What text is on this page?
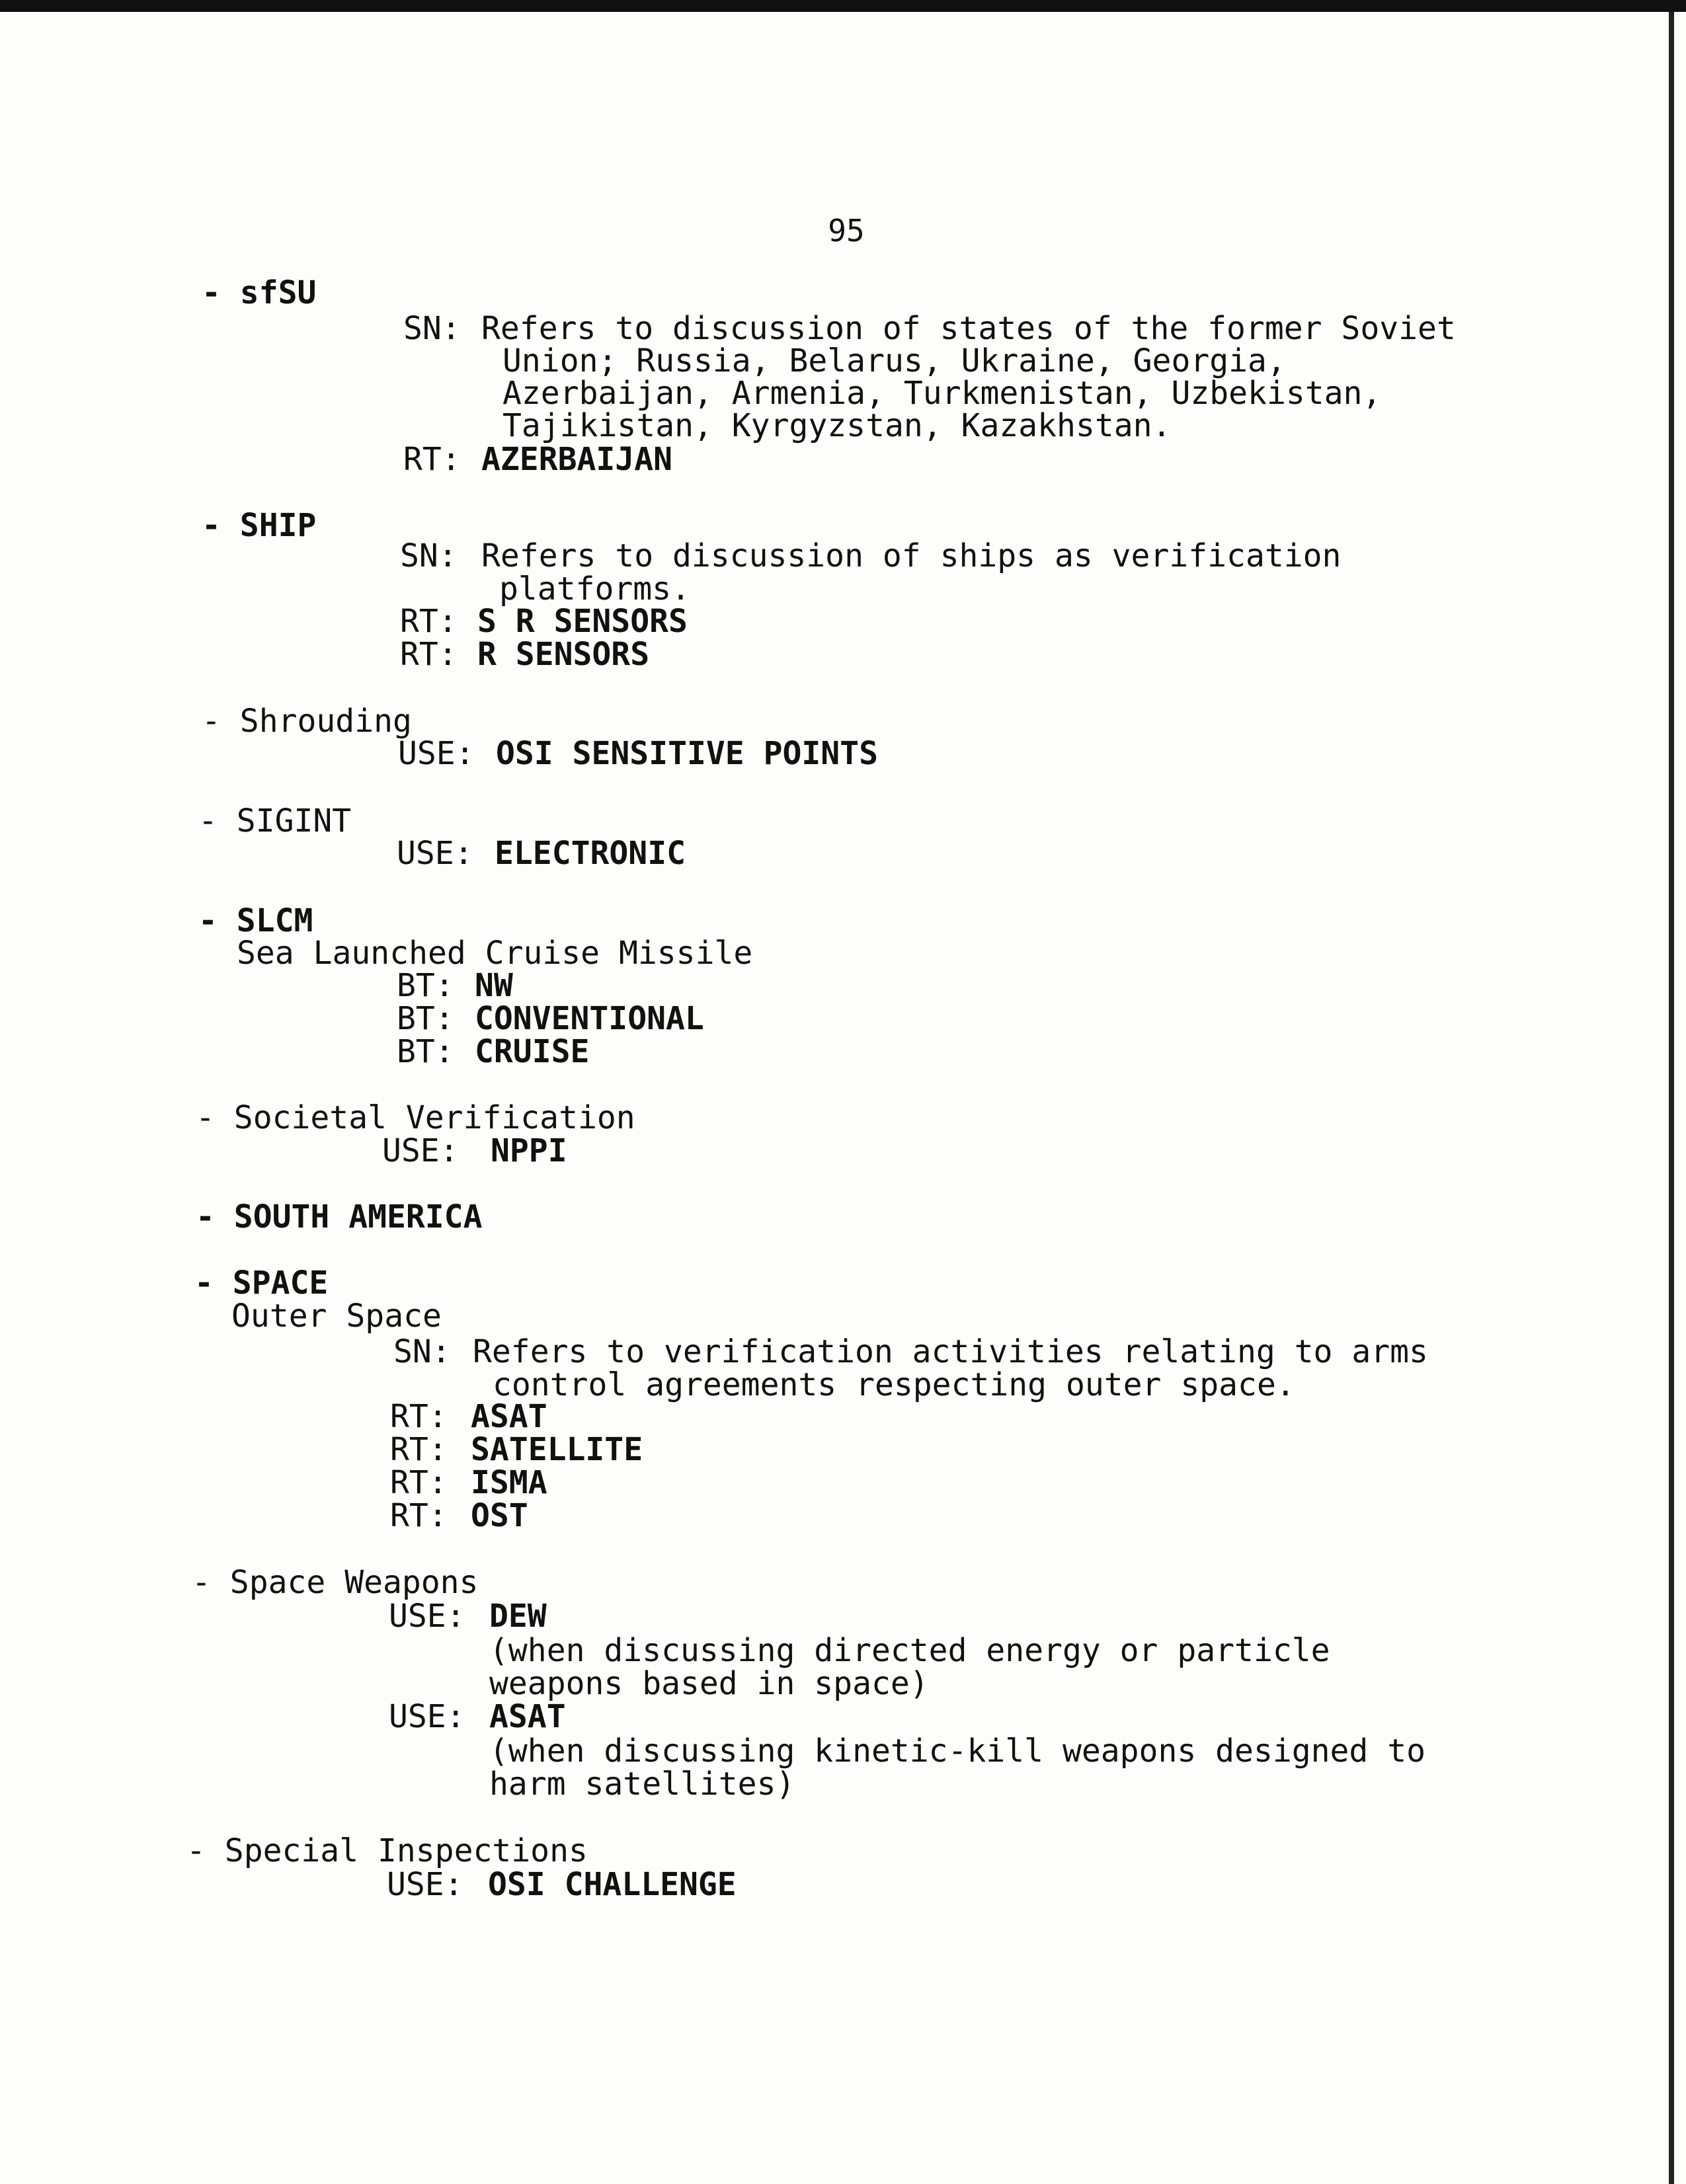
95
- sfSU
SN: Refers to discussion of states of the former Soviet
Union; Russia, Belarus, Ukraine, Georgia,
Azerbaijan, Armenia, Turkmenistan, Uzbekistan,
Tajikistan, Kyrgyzstan, Kazakhstan.
RT: AZERBAIJAN
- SHIP
SN: Refers to discussion of ships as verification
platforms.
RT: S R SENSORS
RT: R SENSORS
- Shrouding
USE: OSI SENSITIVE POINTS
- SIGINT
USE: ELECTRONIC
- SLCM
Sea Launched Cruise Missile
BT: NW
BT: CONVENTIONAL
BT: CRUISE
- Societal Verification
USE: NPPI
- SOUTH AMERICA
- SPACE
Outer Space
SN: Refers to verification activities relating to arms
control agreements respecting outer space.
RT: ASAT
RT: SATELLITE
RT: ISMA
RT: OST
- Space Weapons
USE: DEW
(when discussing directed energy or particle
weapons based in space)
USE: ASAT
(when discussing kinetic-kill weapons designed to
harm satellites)
- Special Inspections
USE: OSI CHALLENGE
